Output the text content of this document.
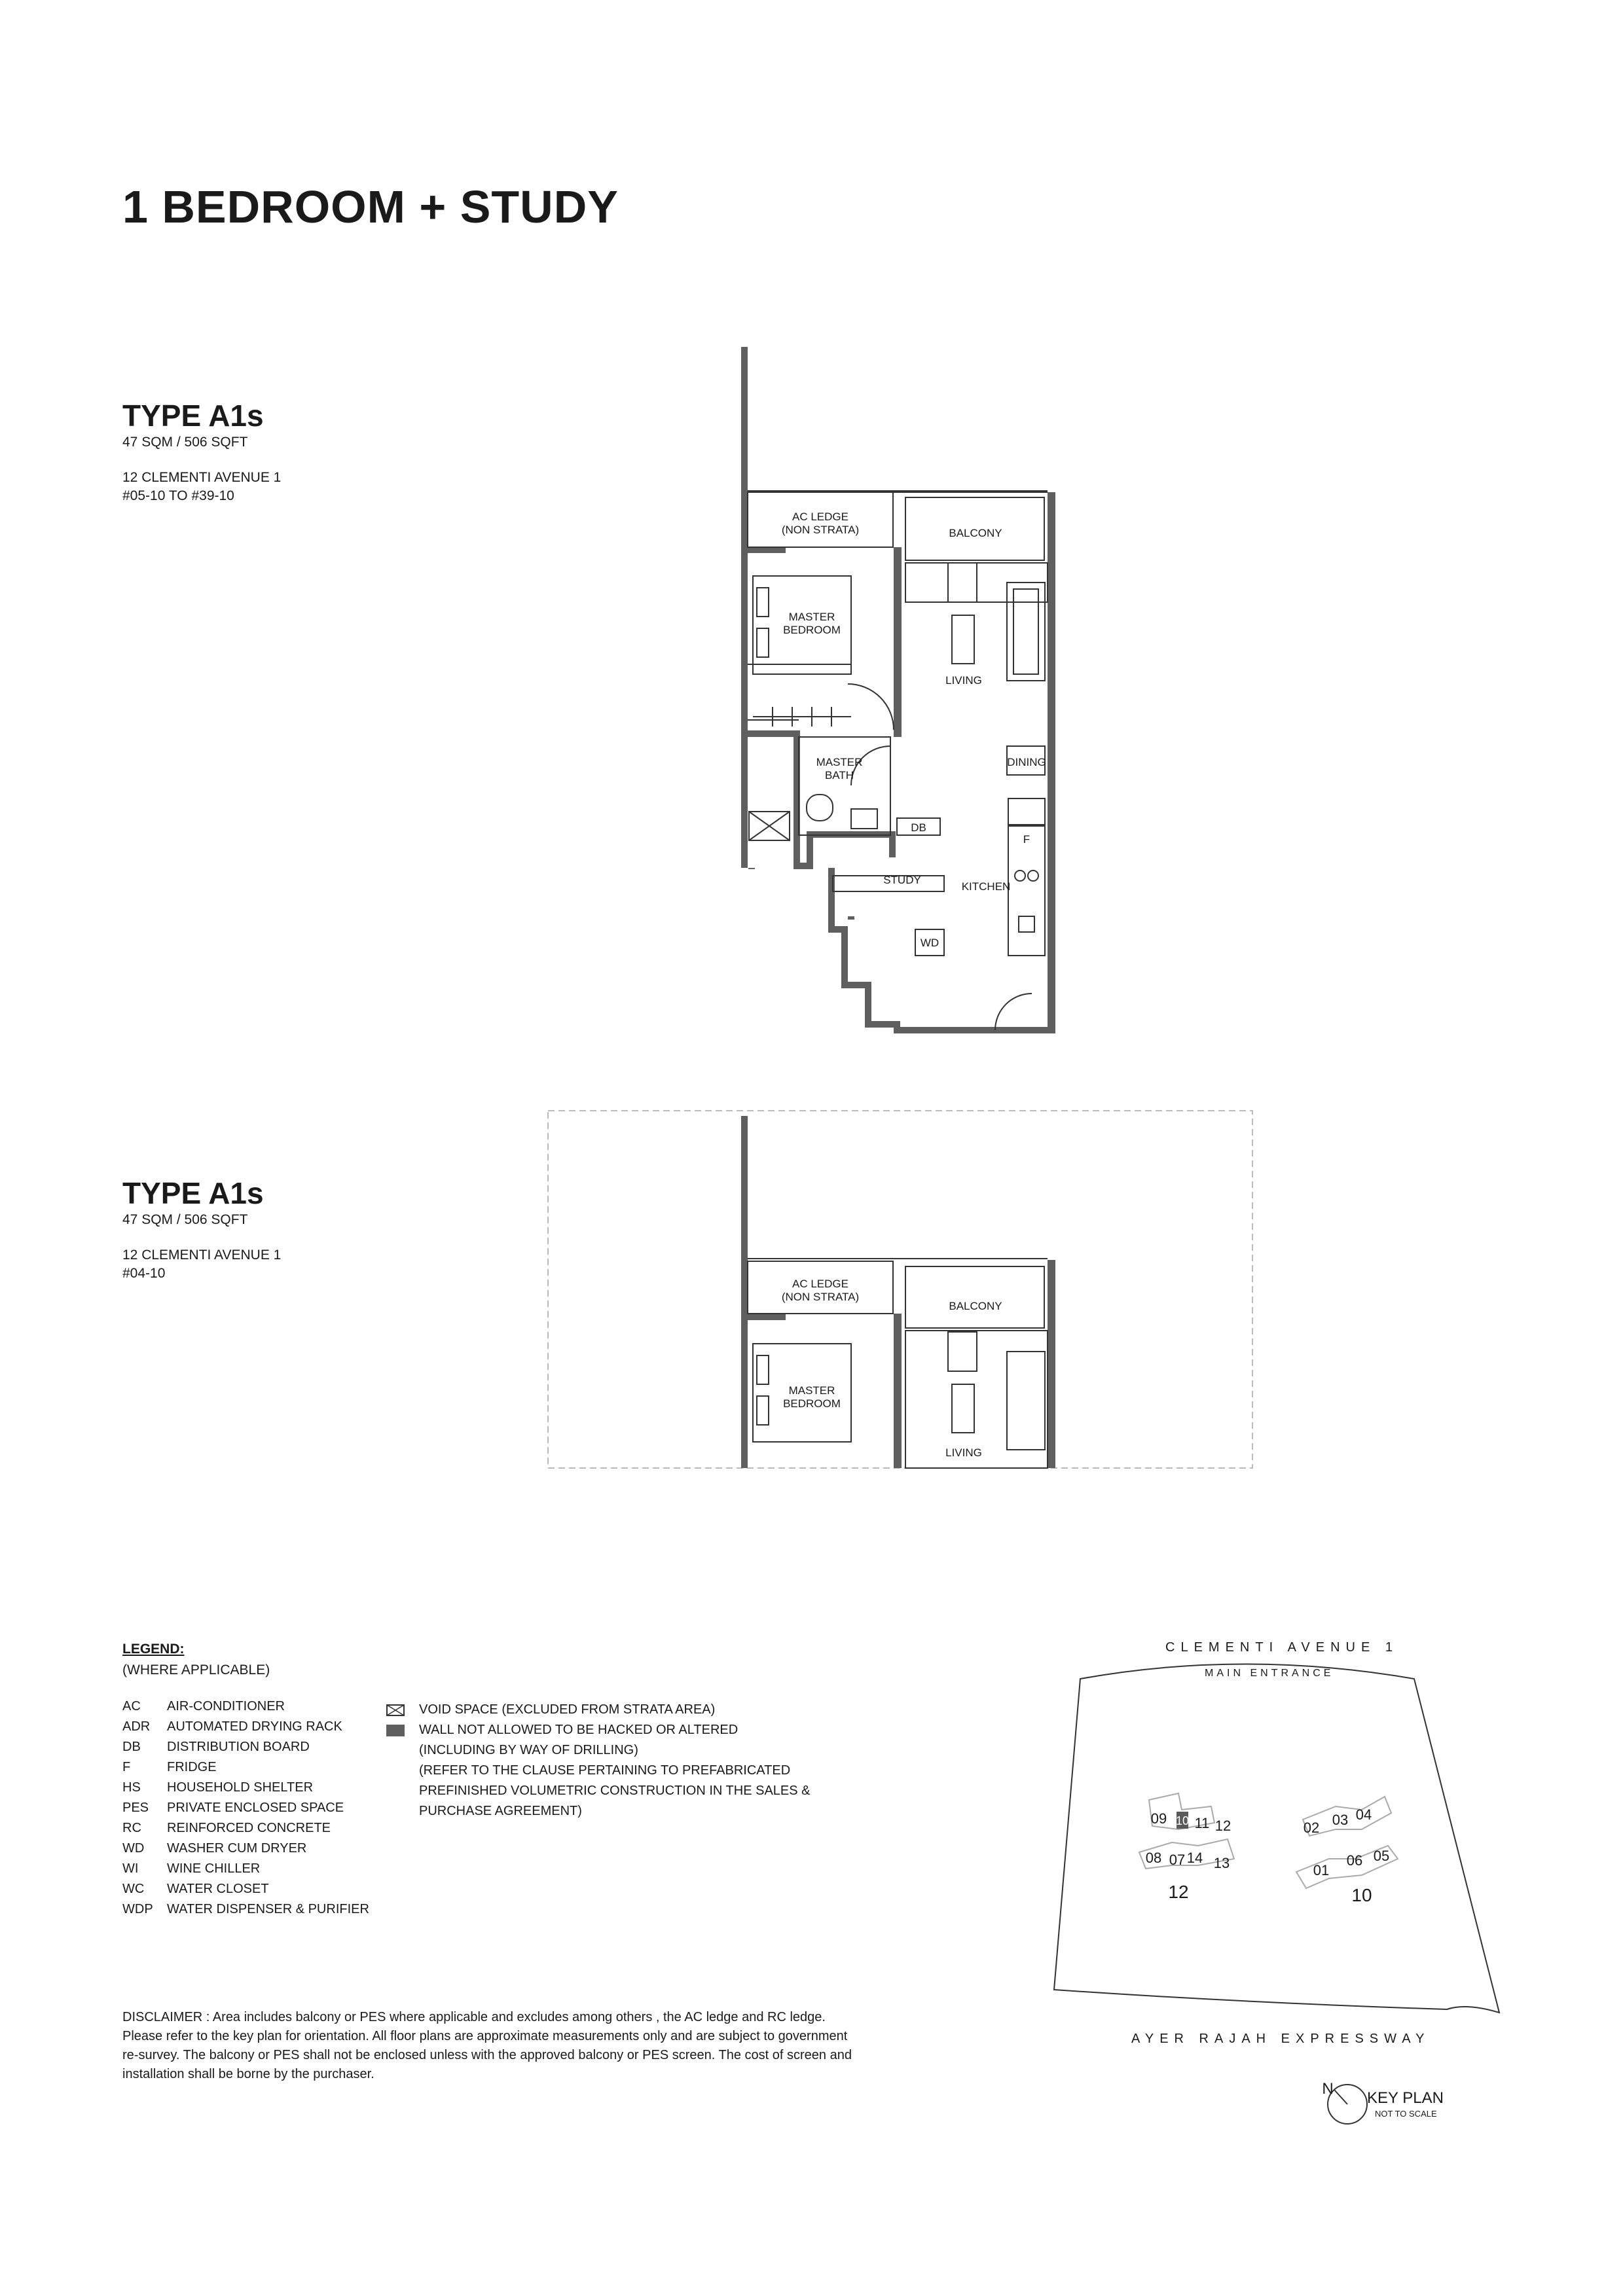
1 BEDROOM + STUDY
TYPE A1s
47 SQM / 506 SQFT
12 CLEMENTI AVENUE 1
#05-10 TO #39-10
TYPE A1s
47 SQM / 506 SQFT
12 CLEMENTI AVENUE 1
#04-10
AC LEDGE
(NON STRATA)	BALCONY
MASTER
BEDROOM
LIVING
DINING
MASTER
BATH
DB
F
STUDY
KITCHEN
WD
AC LEDGE
(NON STRATA)
BALCONY
MASTER
BEDROOM
LIVING
LEGEND:
(WHERE APPLICABLE)
AC	AIR-CONDITIONER
ADR	AUTOMATED DRYING RACK
DB	DISTRIBUTION BOARD
F	FRIDGE
HS	HOUSEHOLD SHELTER
PES	PRIVATE ENCLOSED SPACE
RC	REINFORCED CONCRETE
WD	WASHER CUM DRYER
WI	WINE CHILLER
WC	WATER CLOSET
WDP	WATER DISPENSER & PURIFIER
VOID SPACE (EXCLUDED FROM STRATA AREA)
WALL NOT ALLOWED TO BE HACKED OR ALTERED
(INCLUDING BY WAY OF DRILLING)
(REFER TO THE CLAUSE PERTAINING TO PREFABRICATED
PREFINISHED VOLUMETRIC CONSTRUCTION IN THE SALES &
PURCHASE AGREEMENT)
DISCLAIMER : Area includes balcony or PES where applicable and excludes among others , the AC ledge and RC ledge. Please refer to the key plan for orientation. All floor plans are approximate measurements only and are subject to government re-survey. The balcony or PES shall not be enclosed unless with the approved balcony or PES screen. The cost of screen and installation shall be borne by the purchaser.
CLEMENTI AVENUE 1
MAIN ENTRANCE
09 10 11 12
08 07 14 13
12
02 03 04
01
06 05
10
AYER RAJAH EXPRESSWAY
N
KEY PLAN
NOT TO SCALE
